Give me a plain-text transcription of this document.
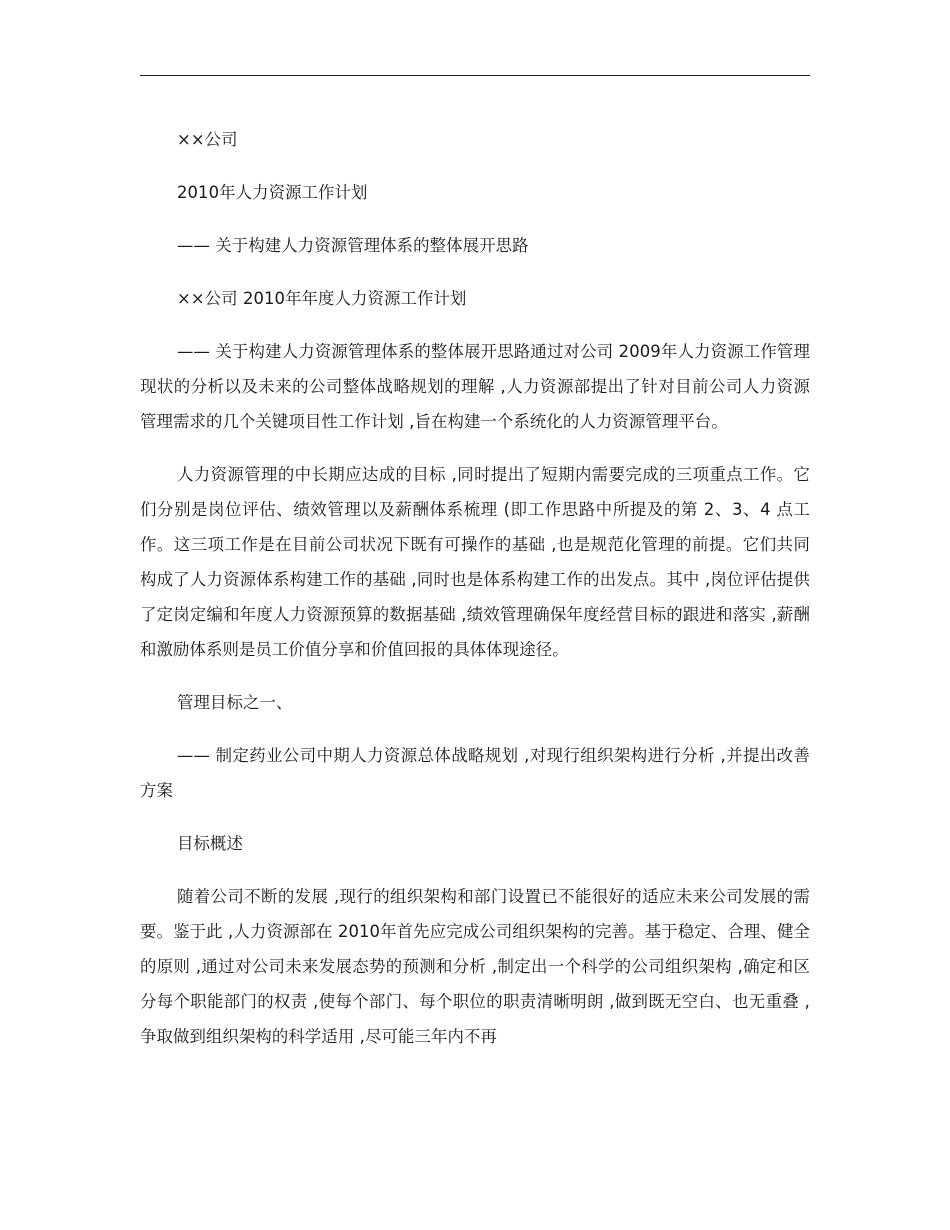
××公司

2010年人力资源工作计划

—— 关于构建人力资源管理体系的整体展开思路

××公司 2010年年度人力资源工作计划

—— 关于构建人力资源管理体系的整体展开思路通过对公司 2009年人力资源工作管理现状的分析以及未来的公司整体战略规划的理解 ,人力资源部提出了针对目前公司人力资源管理需求的几个关键项目性工作计划 ,旨在构建一个系统化的人力资源管理平台。

人力资源管理的中长期应达成的目标 ,同时提出了短期内需要完成的三项重点工作。它们分别是岗位评估、绩效管理以及薪酬体系梳理 (即工作思路中所提及的第 2、3、4 点工作。这三项工作是在目前公司状况下既有可操作的基础 ,也是规范化管理的前提。它们共同构成了人力资源体系构建工作的基础 ,同时也是体系构建工作的出发点。其中 ,岗位评估提供了定岗定编和年度人力资源预算的数据基础 ,绩效管理确保年度经营目标的跟进和落实 ,薪酬和激励体系则是员工价值分享和价值回报的具体体现途径。

管理目标之一、

—— 制定药业公司中期人力资源总体战略规划 ,对现行组织架构进行分析 ,并提出改善方案

目标概述

随着公司不断的发展 ,现行的组织架构和部门设置已不能很好的适应未来公司发展的需要。鉴于此 ,人力资源部在 2010年首先应完成公司组织架构的完善。基于稳定、合理、健全的原则 ,通过对公司未来发展态势的预测和分析 ,制定出一个科学的公司组织架构 ,确定和区分每个职能部门的权责 ,使每个部门、每个职位的职责清晰明朗 ,做到既无空白、也无重叠 ,争取做到组织架构的科学适用 ,尽可能三年内不再
